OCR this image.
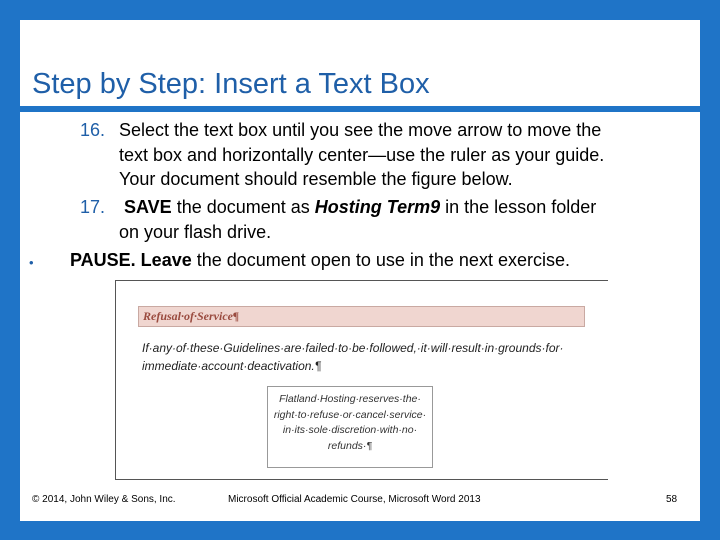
Step by Step: Insert a Text Box
16. Select the text box until you see the move arrow to move the
text box and horizontally center—use the ruler as your guide.
Your document should resemble the figure below.
17. SAVE the document as Hosting Term9 in the lesson folder
on your flash drive.
• PAUSE. Leave the document open to use in the next exercise.
Refusal·of·Service¶
If·any·of·these·Guidelines·are·failed·to·be·followed,·it·will·result·in·grounds·for·
immediate·account·deactivation.¶
Flatland·Hosting·reserves·the·
right·to·refuse·or·cancel·service·
in·its·sole·discretion·with·no·
refunds·¶
© 2014, John Wiley & Sons, Inc.	Microsoft Official Academic Course, Microsoft Word 2013	58
